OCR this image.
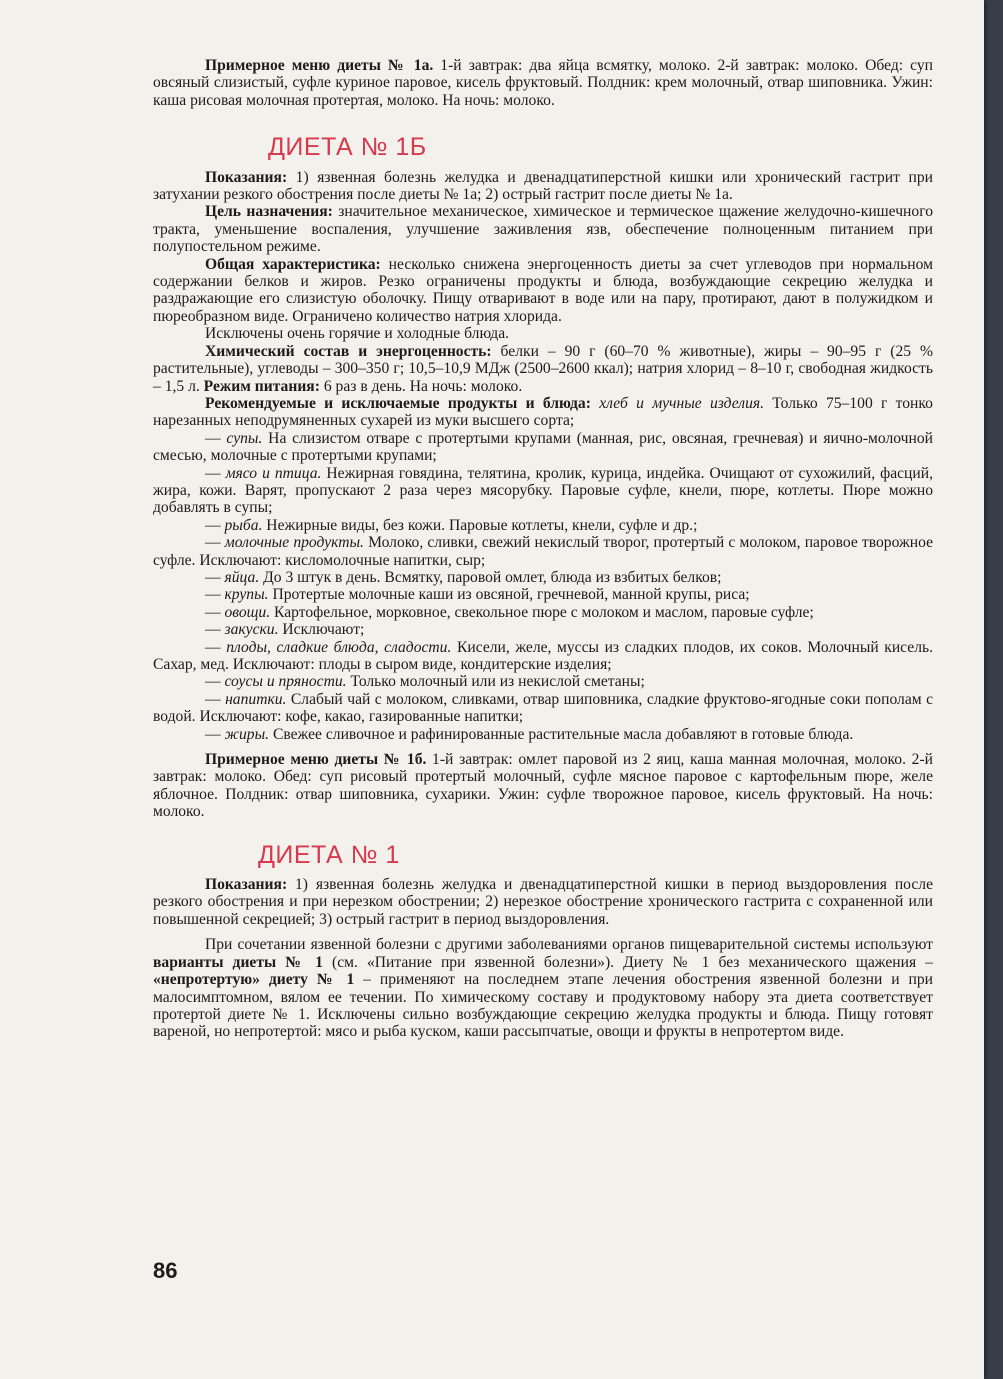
Примерное меню диеты № 1а. 1-й завтрак: два яйца всмятку, молоко. 2-й завтрак: молоко. Обед: суп овсяный слизистый, суфле куриное паровое, кисель фруктовый. Полдник: крем молочный, отвар шиповника. Ужин: каша рисовая молочная протертая, молоко. На ночь: молоко.

ДИЕТА № 1Б

Показания: 1) язвенная болезнь желудка и двенадцатиперстной кишки или хронический гастрит при затухании резкого обострения после диеты № 1а; 2) острый гастрит после диеты № 1а.

Цель назначения: значительное механическое, химическое и термическое щажение желудочно-кишечного тракта, уменьшение воспаления, улучшение заживления язв, обеспечение полноценным питанием при полупостельном режиме.

Общая характеристика: несколько снижена энергоценность диеты за счет углеводов при нормальном содержании белков и жиров. Резко ограничены продукты и блюда, возбуждающие секрецию желудка и раздражающие его слизистую оболочку. Пищу отваривают в воде или на пару, протирают, дают в полужидком и пюреобразном виде. Ограничено количество натрия хлорида.

Исключены очень горячие и холодные блюда.

Химический состав и энергоценность: белки – 90 г (60–70 % животные), жиры – 90–95 г (25 % растительные), углеводы – 300–350 г; 10,5–10,9 МДж (2500–2600 ккал); натрия хлорид – 8–10 г, свободная жидкость – 1,5 л. Режим питания: 6 раз в день. На ночь: молоко.

Рекомендуемые и исключаемые продукты и блюда: хлеб и мучные изделия. Только 75–100 г тонко нарезанных неподрумяненных сухарей из муки высшего сорта;

— супы. На слизистом отваре с протертыми крупами (манная, рис, овсяная, гречневая) и яично-молочной смесью, молочные с протертыми крупами;

— мясо и птица. Нежирная говядина, телятина, кролик, курица, индейка. Очищают от сухожилий, фасций, жира, кожи. Варят, пропускают 2 раза через мясорубку. Паровые суфле, кнели, пюре, котлеты. Пюре можно добавлять в супы;

— рыба. Нежирные виды, без кожи. Паровые котлеты, кнели, суфле и др.;

— молочные продукты. Молоко, сливки, свежий некислый творог, протертый с молоком, паровое творожное суфле. Исключают: кисломолочные напитки, сыр;

— яйца. До 3 штук в день. Всмятку, паровой омлет, блюда из взбитых белков;

— крупы. Протертые молочные каши из овсяной, гречневой, манной крупы, риса;

— овощи. Картофельное, морковное, свекольное пюре с молоком и маслом, паровые суфле;

— закуски. Исключают;

— плоды, сладкие блюда, сладости. Кисели, желе, муссы из сладких плодов, их соков. Молочный кисель. Сахар, мед. Исключают: плоды в сыром виде, кондитерские изделия;

— соусы и пряности. Только молочный или из некислой сметаны;

— напитки. Слабый чай с молоком, сливками, отвар шиповника, сладкие фруктово-ягодные соки пополам с водой. Исключают: кофе, какао, газированные напитки;

— жиры. Свежее сливочное и рафинированные растительные масла добавляют в готовые блюда.

Примерное меню диеты № 1б. 1-й завтрак: омлет паровой из 2 яиц, каша манная молочная, молоко. 2-й завтрак: молоко. Обед: суп рисовый протертый молочный, суфле мясное паровое с картофельным пюре, желе яблочное. Полдник: отвар шиповника, сухарики. Ужин: суфле творожное паровое, кисель фруктовый. На ночь: молоко.

ДИЕТА № 1

Показания: 1) язвенная болезнь желудка и двенадцатиперстной кишки в период выздоровления после резкого обострения и при нерезком обострении; 2) нерезкое обострение хронического гастрита с сохраненной или повышенной секрецией; 3) острый гастрит в период выздоровления.

При сочетании язвенной болезни с другими заболеваниями органов пищеварительной системы используют варианты диеты № 1 (см. «Питание при язвенной болезни»). Диету № 1 без механического щажения – «непротертую» диету № 1 – применяют на последнем этапе лечения обострения язвенной болезни и при малосимптомном, вялом ее течении. По химическому составу и продуктовому набору эта диета соответствует протертой диете № 1. Исключены сильно возбуждающие секрецию желудка продукты и блюда. Пищу готовят вареной, но непротертой: мясо и рыба куском, каши рассыпчатые, овощи и фрукты в непротертом виде.

86
